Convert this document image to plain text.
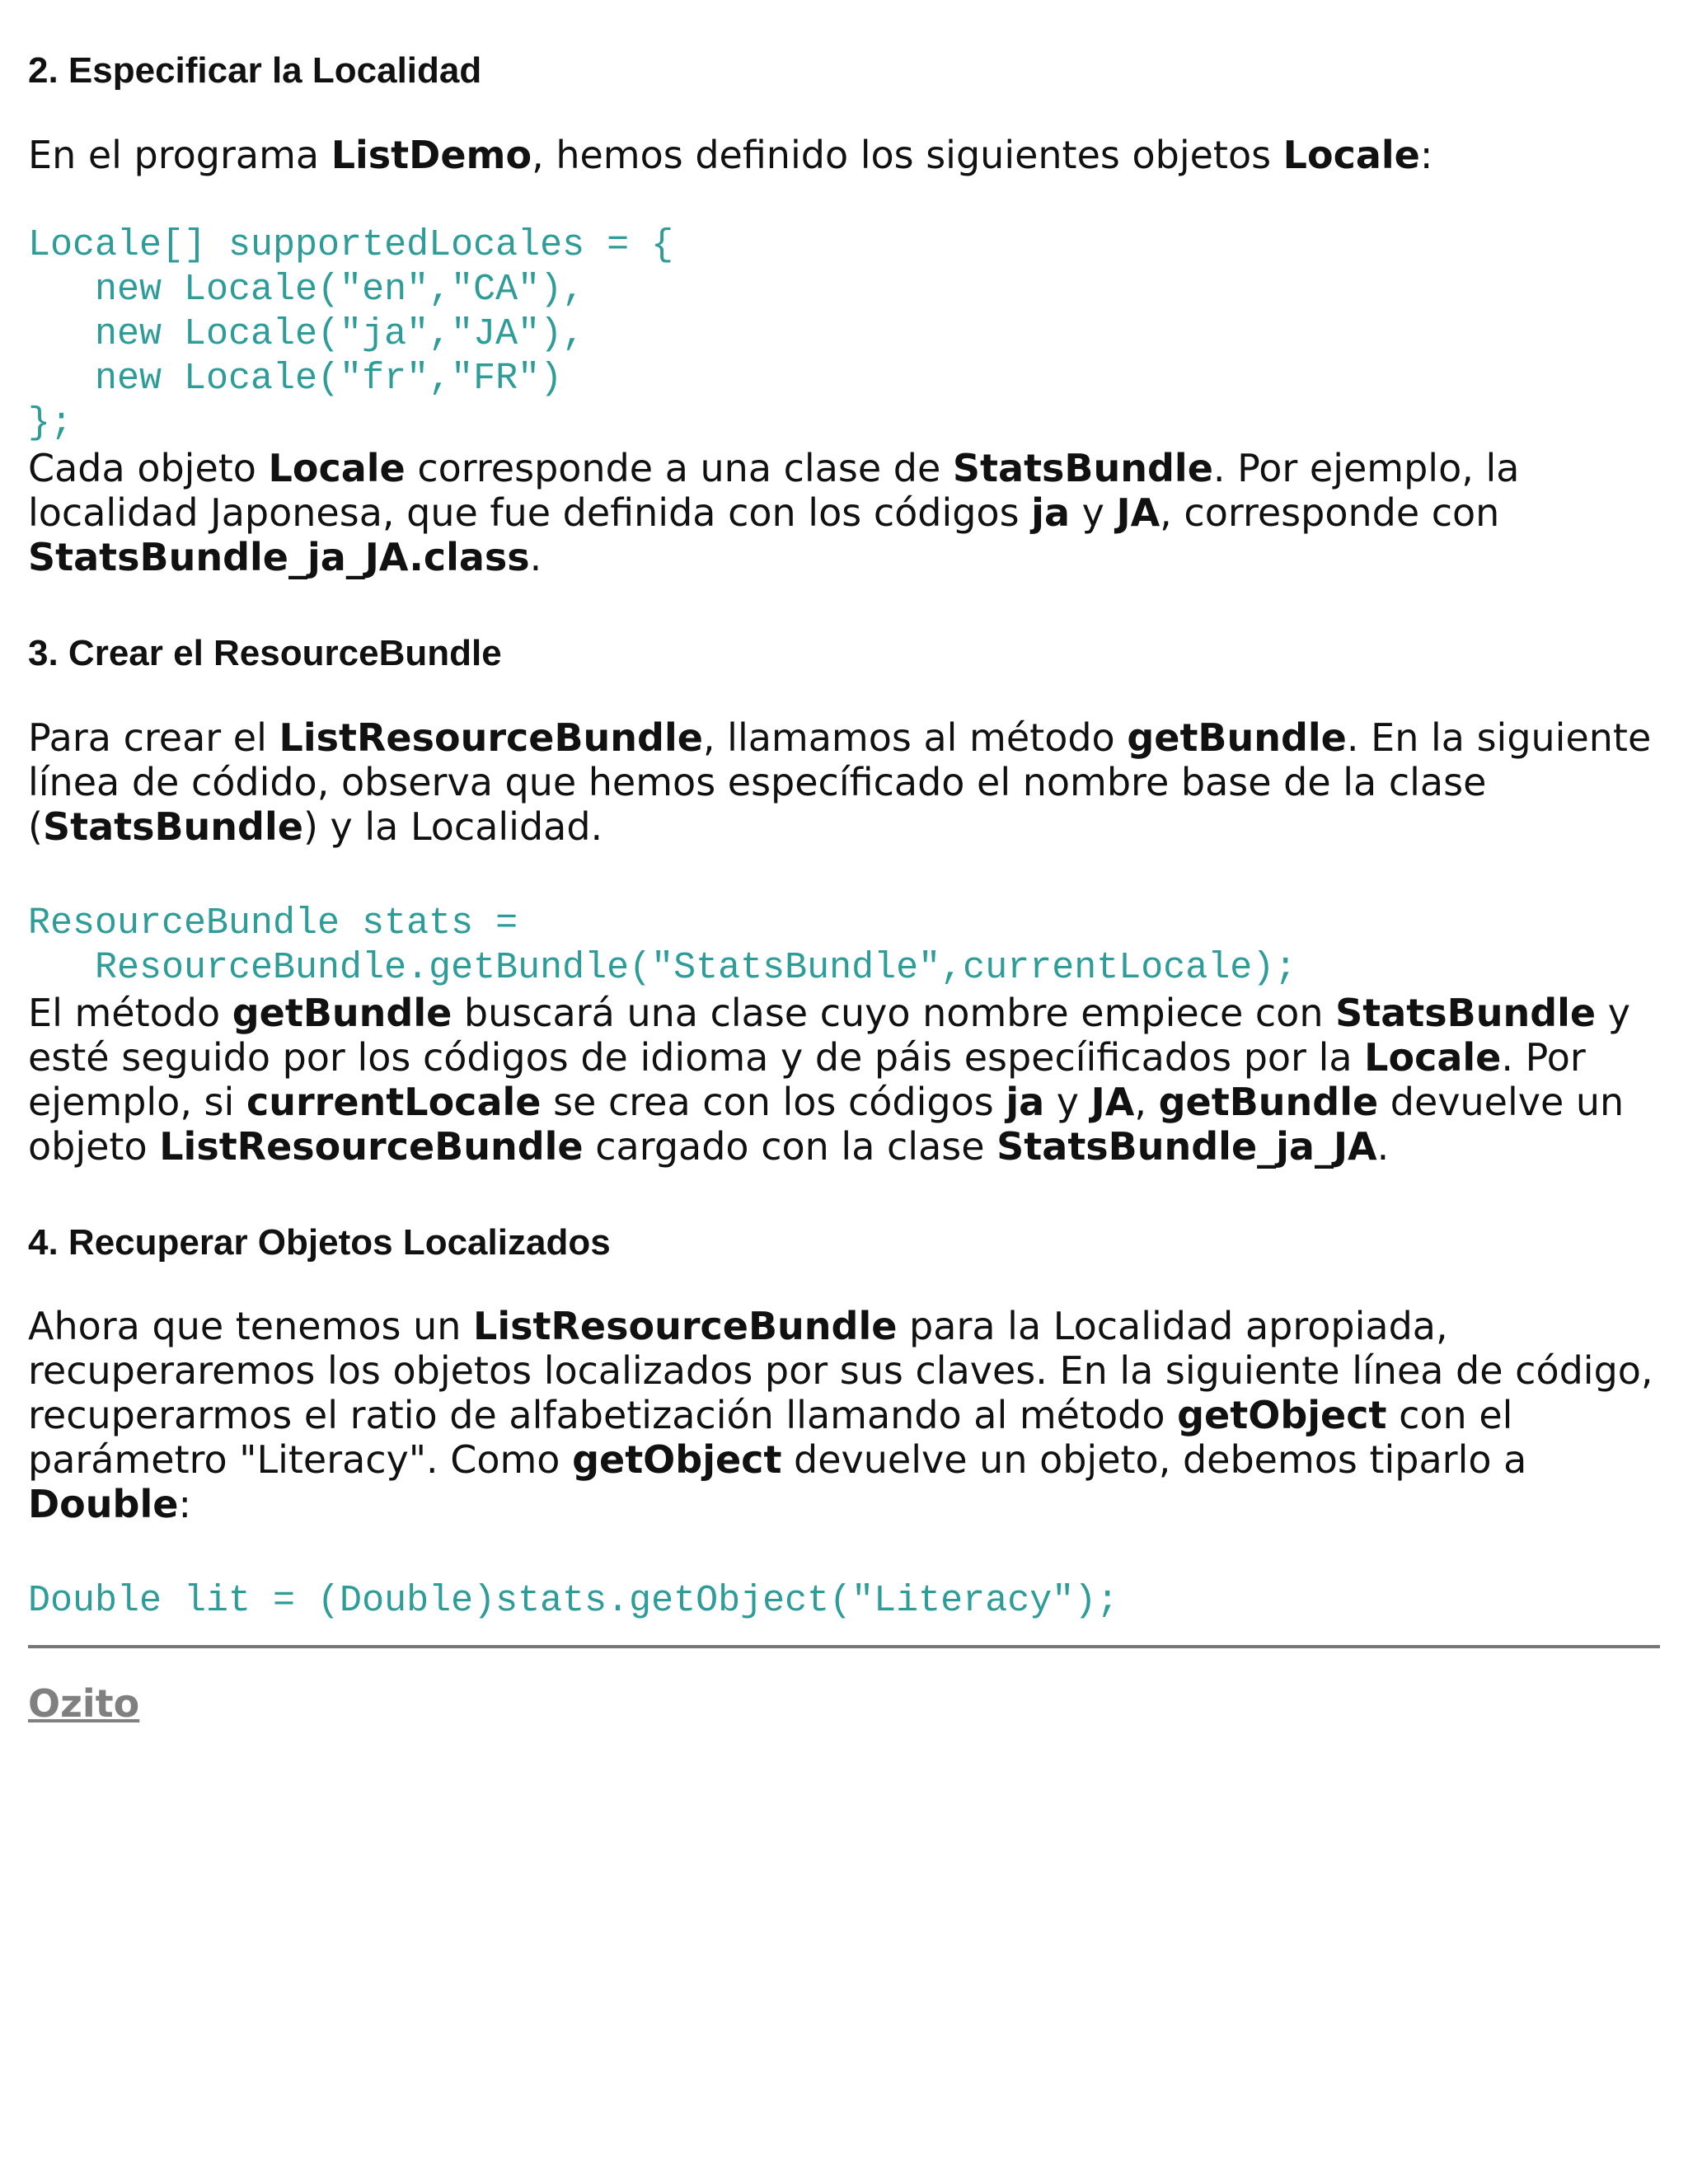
2. Especificar la Localidad

En el programa ListDemo, hemos definido los siguientes objetos Locale:

Locale[] supportedLocales = {
new Locale("en","CA"),
new Locale("ja","JA"),
new Locale("fr","FR")
};

Cada objeto Locale corresponde a una clase de StatsBundle. Por ejemplo, la localidad Japonesa, que fue definida con los códigos ja y JA, corresponde con StatsBundle_ja_JA.class.

3. Crear el ResourceBundle

Para crear el ListResourceBundle, llamamos al método getBundle. En la siguiente línea de códido, observa que hemos específicado el nombre base de la clase (StatsBundle) y la Localidad.

ResourceBundle stats =
ResourceBundle.getBundle("StatsBundle",currentLocale);

El método getBundle buscará una clase cuyo nombre empiece con StatsBundle y esté seguido por los códigos de idioma y de páis especíificados por la Locale. Por ejemplo, si currentLocale se crea con los códigos ja y JA, getBundle devuelve un objeto ListResourceBundle cargado con la clase StatsBundle_ja_JA.

4. Recuperar Objetos Localizados

Ahora que tenemos un ListResourceBundle para la Localidad apropiada, recuperaremos los objetos localizados por sus claves. En la siguiente línea de código, recuperarmos el ratio de alfabetización llamando al método getObject con el parámetro "Literacy". Como getObject devuelve un objeto, debemos tiparlo a Double:

Double lit = (Double)stats.getObject("Literacy");
Ozito
